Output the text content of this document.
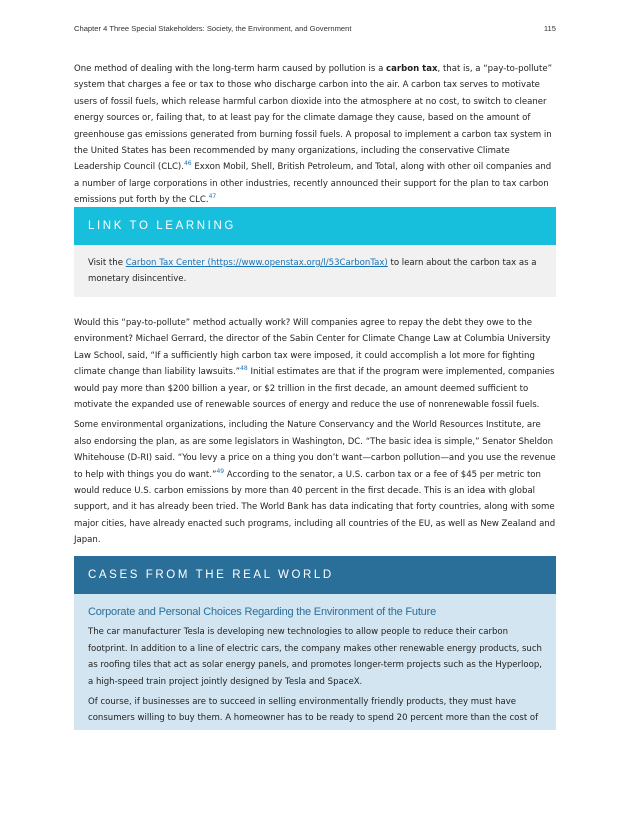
Chapter 4 Three Special Stakeholders: Society, the Environment, and Government	115

One method of dealing with the long-term harm caused by pollution is a carbon tax, that is, a “pay-to-pollute” system that charges a fee or tax to those who discharge carbon into the air. A carbon tax serves to motivate users of fossil fuels, which release harmful carbon dioxide into the atmosphere at no cost, to switch to cleaner energy sources or, failing that, to at least pay for the climate damage they cause, based on the amount of greenhouse gas emissions generated from burning fossil fuels. A proposal to implement a carbon tax system in the United States has been recommended by many organizations, including the conservative Climate Leadership Council (CLC).$^{46}$ Exxon Mobil, Shell, British Petroleum, and Total, along with other oil companies and a number of large corporations in other industries, recently announced their support for the plan to tax carbon emissions put forth by the CLC.$^{47}$

LINK TO LEARNING
Visit the Carbon Tax Center (https://www.openstax.org/l/53CarbonTax) to learn about the carbon tax as a monetary disincentive.

Would this “pay-to-pollute” method actually work? Will companies agree to repay the debt they owe to the environment? Michael Gerrard, the director of the Sabin Center for Climate Change Law at Columbia University Law School, said, “If a sufficiently high carbon tax were imposed, it could accomplish a lot more for fighting climate change than liability lawsuits.”$^{48}$ Initial estimates are that if the program were implemented, companies would pay more than $200 billion a year, or $2 trillion in the first decade, an amount deemed sufficient to motivate the expanded use of renewable sources of energy and reduce the use of nonrenewable fossil fuels.

Some environmental organizations, including the Nature Conservancy and the World Resources Institute, are also endorsing the plan, as are some legislators in Washington, DC. “The basic idea is simple,” Senator Sheldon Whitehouse (D-RI) said. “You levy a price on a thing you don’t want—carbon pollution—and you use the revenue to help with things you do want.”$^{49}$ According to the senator, a U.S. carbon tax or a fee of $45 per metric ton would reduce U.S. carbon emissions by more than 40 percent in the first decade. This is an idea with global support, and it has already been tried. The World Bank has data indicating that forty countries, along with some major cities, have already enacted such programs, including all countries of the EU, as well as New Zealand and Japan.

CASES FROM THE REAL WORLD
Corporate and Personal Choices Regarding the Environment of the Future

The car manufacturer Tesla is developing new technologies to allow people to reduce their carbon footprint. In addition to a line of electric cars, the company makes other renewable energy products, such as roofing tiles that act as solar energy panels, and promotes longer-term projects such as the Hyperloop, a high-speed train project jointly designed by Tesla and SpaceX.

Of course, if businesses are to succeed in selling environmentally friendly products, they must have consumers willing to buy them. A homeowner has to be ready to spend 20 percent more than the cost of
